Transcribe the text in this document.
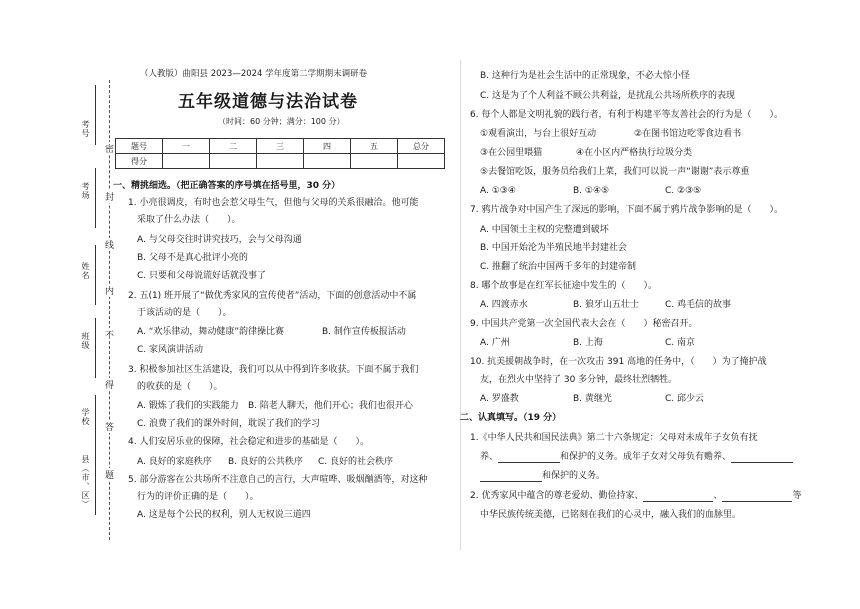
考号
考场
姓名
班级
学校
县（市、区）
密
封
线
内
不
得
答
题
（人教版）曲阳县 2023—2024 学年度第二学期期末调研卷
五年级道德与法治试卷
（时间：60 分钟；满分：100 分）
题号	一	二	三	四	五	总分
得分						
一、精挑细选。（把正确答案的序号填在括号里，30 分）
1. 小亮很调皮，有时也会惹父母生气，但他与父母的关系很融洽。他可能
采取了什么办法（　　）。
A. 与父母交往时讲究技巧，会与父母沟通
B. 父母不是真心批评小亮的
C. 只要和父母说谎好话就没事了
2. 五(1) 班开展了“做优秀家风的宣传使者”活动，下面的创意活动中不属
于该活动的是（　　）。
A. “欢乐律动，舞动健康”韵律操比赛	B. 制作宣传板报活动
C. 家风演讲活动
3. 积极参加社区生活建设，我们可以从中得到许多收获。下面不属于我们
的收获的是（　　）。
A. 锻炼了我们的实践能力 B. 陪老人聊天，他们开心；我们也很开心
C. 浪费了我们的课外时间，耽误了我们的学习
4. 人们安居乐业的保障，社会稳定和进步的基础是（　　）。
A. 良好的家庭秩序 B. 良好的公共秩序 C. 良好的社会秩序
5. 部分游客在公共场所不注意自己的言行，大声喧哗、吸烟酗酒等，对这种
行为的评价正确的是（　　）。
A. 这是每个公民的权利，别人无权说三道四
B. 这种行为是社会生活中的正常现象，不必大惊小怪
C. 这是为了个人利益不顾公共利益，是扰乱公共场所秩序的表现
6. 每个人都是文明礼貌的践行者，有利于构建平等友善社会的行为是（　　）。
①观看演出，与台上很好互动	②在图书馆边吃零食边看书
③在公园里喂猫	④在小区内严格执行垃圾分类
⑤去餐馆吃饭，服务员给我们上菜，我们可以说一声“谢谢”表示尊重
A. ①③④	B. ①④⑤	C. ②③⑤
7. 鸦片战争对中国产生了深远的影响，下面不属于鸦片战争影响的是（　　）。
A. 中国领土主权的完整遭到破坏
B. 中国开始沦为半殖民地半封建社会
C. 推翻了统治中国两千多年的封建帝制
8. 哪个故事是在红军长征途中发生的（　　）。
A. 四渡赤水	B. 狼牙山五壮士	C. 鸡毛信的故事
9. 中国共产党第一次全国代表大会在（　　）秘密召开。
A. 广州	B. 上海	C. 南京
10. 抗美援朝战争时，在一次攻击 391 高地的任务中，（　　）为了掩护战
友，在烈火中坚持了 30 多分钟，最终壮烈牺牲。
A. 罗盛教	B. 黄继光	C. 邱少云
二、认真填写。（19 分）
1.《中华人民共和国民法典》第二十六条规定：父母对未成年子女负有抚
养、	和保护的义务。成年子女对父母负有赡养、
和保护的义务。
2. 优秀家风中蕴含的尊老爱幼、勤俭持家、	、	等
中华民族传统美德，已铭刻在我们的心灵中，融入我们的血脉里。
